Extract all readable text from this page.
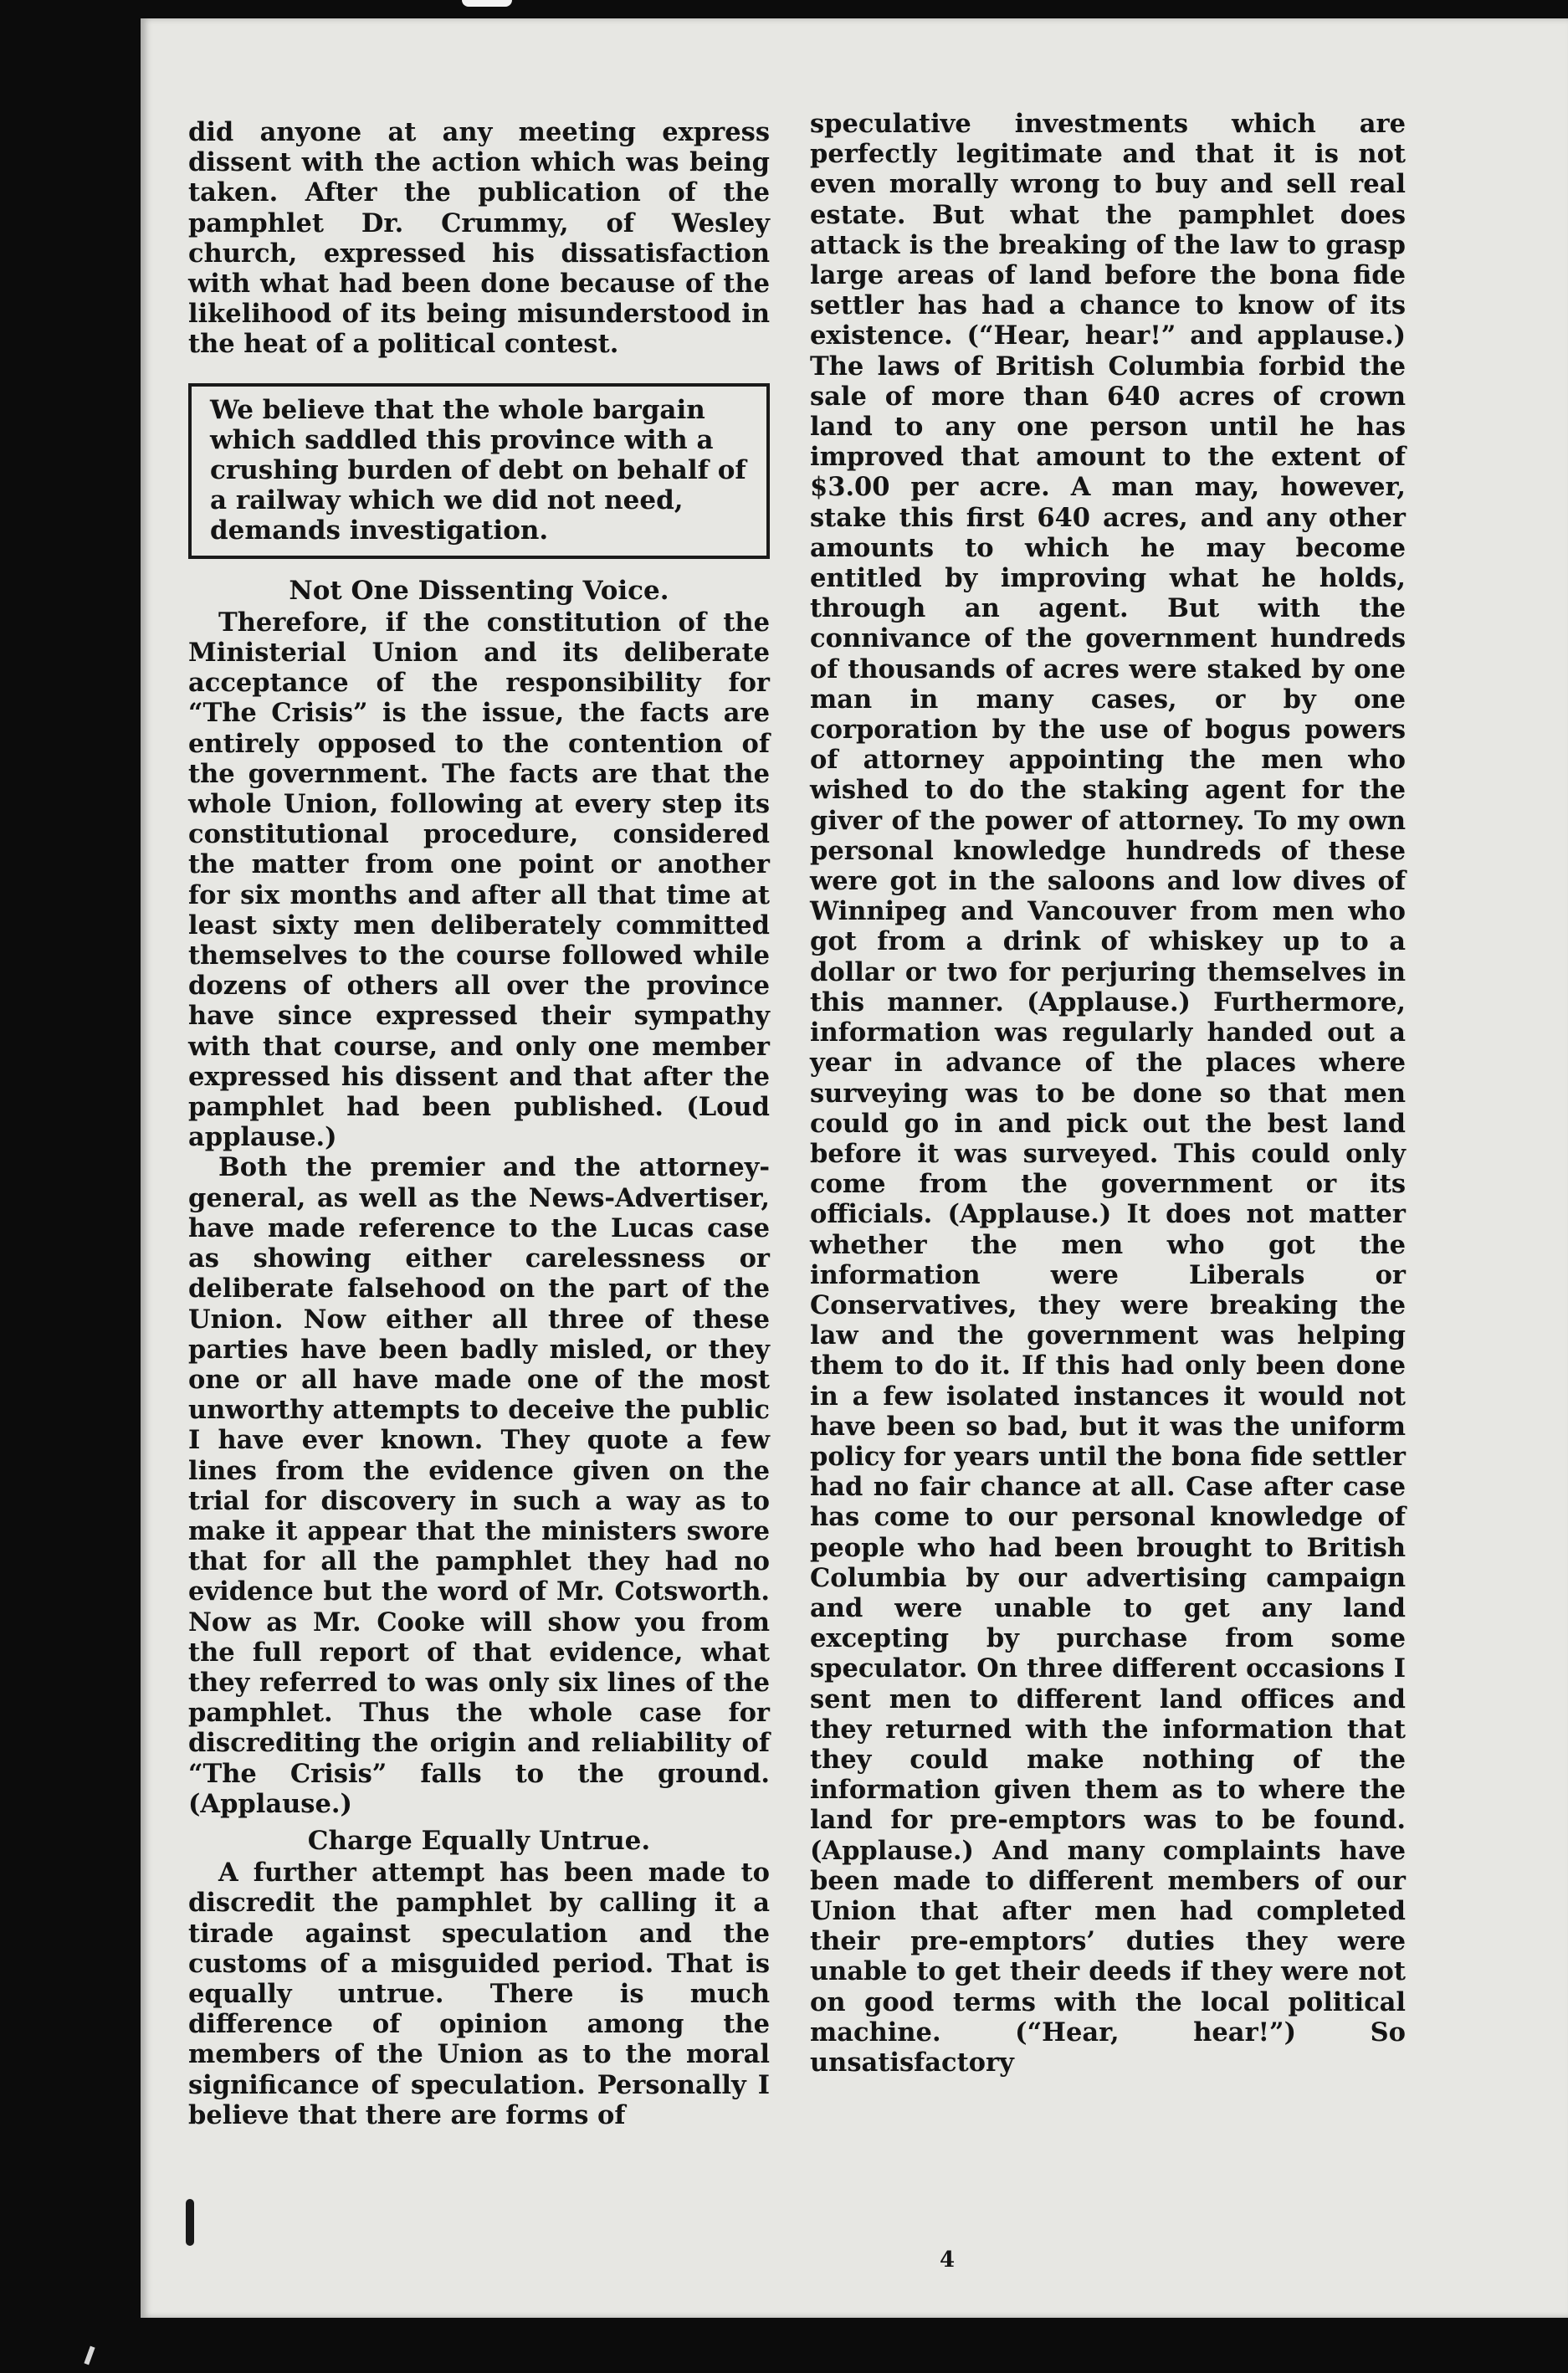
did anyone at any meeting express dissent with the action which was being taken. After the publication of the pamphlet Dr. Crummy, of Wesley church, expressed his dissatisfaction with what had been done because of the likelihood of its being misunderstood in the heat of a political contest.

We believe that the whole bargain which saddled this province with a crushing burden of debt on behalf of a railway which we did not need, demands investigation.
Not One Dissenting Voice.

Therefore, if the constitution of the Ministerial Union and its deliberate acceptance of the responsibility for “The Crisis” is the issue, the facts are entirely opposed to the contention of the government. The facts are that the whole Union, following at every step its constitutional procedure, considered the matter from one point or another for six months and after all that time at least sixty men deliberately committed themselves to the course followed while dozens of others all over the province have since expressed their sympathy with that course, and only one member expressed his dissent and that after the pamphlet had been published. (Loud applause.)

Both the premier and the attorney-general, as well as the News-Advertiser, have made reference to the Lucas case as showing either carelessness or deliberate falsehood on the part of the Union. Now either all three of these parties have been badly misled, or they one or all have made one of the most unworthy attempts to deceive the public I have ever known. They quote a few lines from the evidence given on the trial for discovery in such a way as to make it appear that the ministers swore that for all the pamphlet they had no evidence but the word of Mr. Cotsworth. Now as Mr. Cooke will show you from the full report of that evidence, what they referred to was only six lines of the pamphlet. Thus the whole case for discrediting the origin and reliability of “The Crisis” falls to the ground. (Applause.)

Charge Equally Untrue.

A further attempt has been made to discredit the pamphlet by calling it a tirade against speculation and the customs of a misguided period. That is equally untrue. There is much difference of opinion among the members of the Union as to the moral significance of speculation. Personally I believe that there are forms of

speculative investments which are perfectly legitimate and that it is not even morally wrong to buy and sell real estate. But what the pamphlet does attack is the breaking of the law to grasp large areas of land before the bona fide settler has had a chance to know of its existence. (“Hear, hear!” and applause.) The laws of British Columbia forbid the sale of more than 640 acres of crown land to any one person until he has improved that amount to the extent of $3.00 per acre. A man may, however, stake this first 640 acres, and any other amounts to which he may become entitled by improving what he holds, through an agent. But with the connivance of the government hundreds of thousands of acres were staked by one man in many cases, or by one corporation by the use of bogus powers of attorney appointing the men who wished to do the staking agent for the giver of the power of attorney. To my own personal knowledge hundreds of these were got in the saloons and low dives of Winnipeg and Vancouver from men who got from a drink of whiskey up to a dollar or two for perjuring themselves in this manner. (Applause.) Furthermore, information was regularly handed out a year in advance of the places where surveying was to be done so that men could go in and pick out the best land before it was surveyed. This could only come from the government or its officials. (Applause.) It does not matter whether the men who got the information were Liberals or Conservatives, they were breaking the law and the government was helping them to do it. If this had only been done in a few isolated instances it would not have been so bad, but it was the uniform policy for years until the bona fide settler had no fair chance at all. Case after case has come to our personal knowledge of people who had been brought to British Columbia by our advertising campaign and were unable to get any land excepting by purchase from some speculator. On three different occasions I sent men to different land offices and they returned with the information that they could make nothing of the information given them as to where the land for pre-emptors was to be found. (Applause.) And many complaints have been made to different members of our Union that after men had completed their pre-emptors’ duties they were unable to get their deeds if they were not on good terms with the local political machine. (“Hear, hear!”) So unsatisfactory

4
